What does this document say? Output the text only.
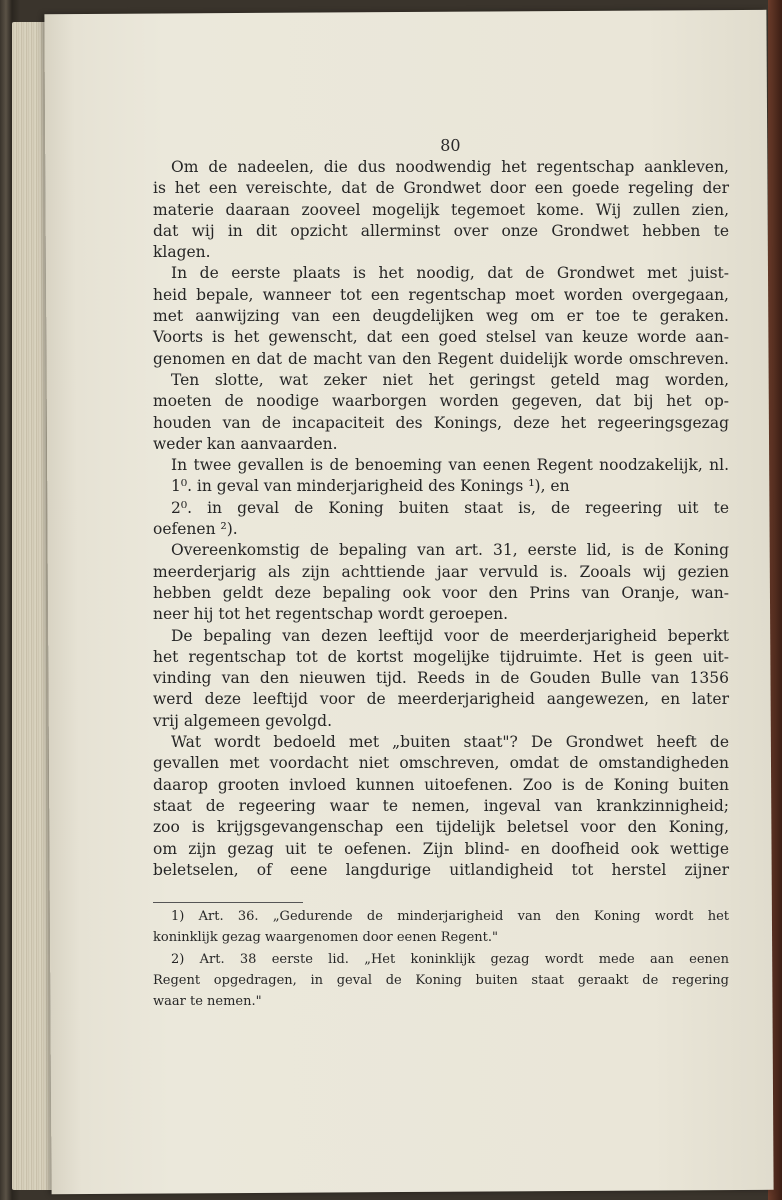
80
Om de nadeelen, die dus noodwendig het regentschap aankleven,
is het een vereischte, dat de Grondwet door een goede regeling der
materie daaraan zooveel mogelijk tegemoet kome. Wij zullen zien,
dat wij in dit opzicht allerminst over onze Grondwet hebben te
klagen.
In de eerste plaats is het noodig, dat de Grondwet met juist-
heid bepale, wanneer tot een regentschap moet worden overgegaan,
met aanwijzing van een deugdelijken weg om er toe te geraken.
Voorts is het gewenscht, dat een goed stelsel van keuze worde aan-
genomen en dat de macht van den Regent duidelijk worde omschreven.
Ten slotte, wat zeker niet het geringst geteld mag worden,
moeten de noodige waarborgen worden gegeven, dat bij het op-
houden van de incapaciteit des Konings, deze het regeeringsgezag
weder kan aanvaarden.
In twee gevallen is de benoeming van eenen Regent noodzakelijk, nl.
1⁰. in geval van minderjarigheid des Konings ¹), en
2⁰. in geval de Koning buiten staat is, de regeering uit te
oefenen ²).
Overeenkomstig de bepaling van art. 31, eerste lid, is de Koning
meerderjarig als zijn achttiende jaar vervuld is. Zooals wij gezien
hebben geldt deze bepaling ook voor den Prins van Oranje, wan-
neer hij tot het regentschap wordt geroepen.
De bepaling van dezen leeftijd voor de meerderjarigheid beperkt
het regentschap tot de kortst mogelijke tijdruimte. Het is geen uit-
vinding van den nieuwen tijd. Reeds in de Gouden Bulle van 1356
werd deze leeftijd voor de meerderjarigheid aangewezen, en later
vrij algemeen gevolgd.
Wat wordt bedoeld met „buiten staat"? De Grondwet heeft de
gevallen met voordacht niet omschreven, omdat de omstandigheden
daarop grooten invloed kunnen uitoefenen. Zoo is de Koning buiten
staat de regeering waar te nemen, ingeval van krankzinnigheid;
zoo is krijgsgevangenschap een tijdelijk beletsel voor den Koning,
om zijn gezag uit te oefenen. Zijn blind- en doofheid ook wettige
beletselen, of eene langdurige uitlandigheid tot herstel zijner
1) Art. 36. „Gedurende de minderjarigheid van den Koning wordt het
koninklijk gezag waargenomen door eenen Regent."
2) Art. 38 eerste lid. „Het koninklijk gezag wordt mede aan eenen
Regent opgedragen, in geval de Koning buiten staat geraakt de regering
waar te nemen."
